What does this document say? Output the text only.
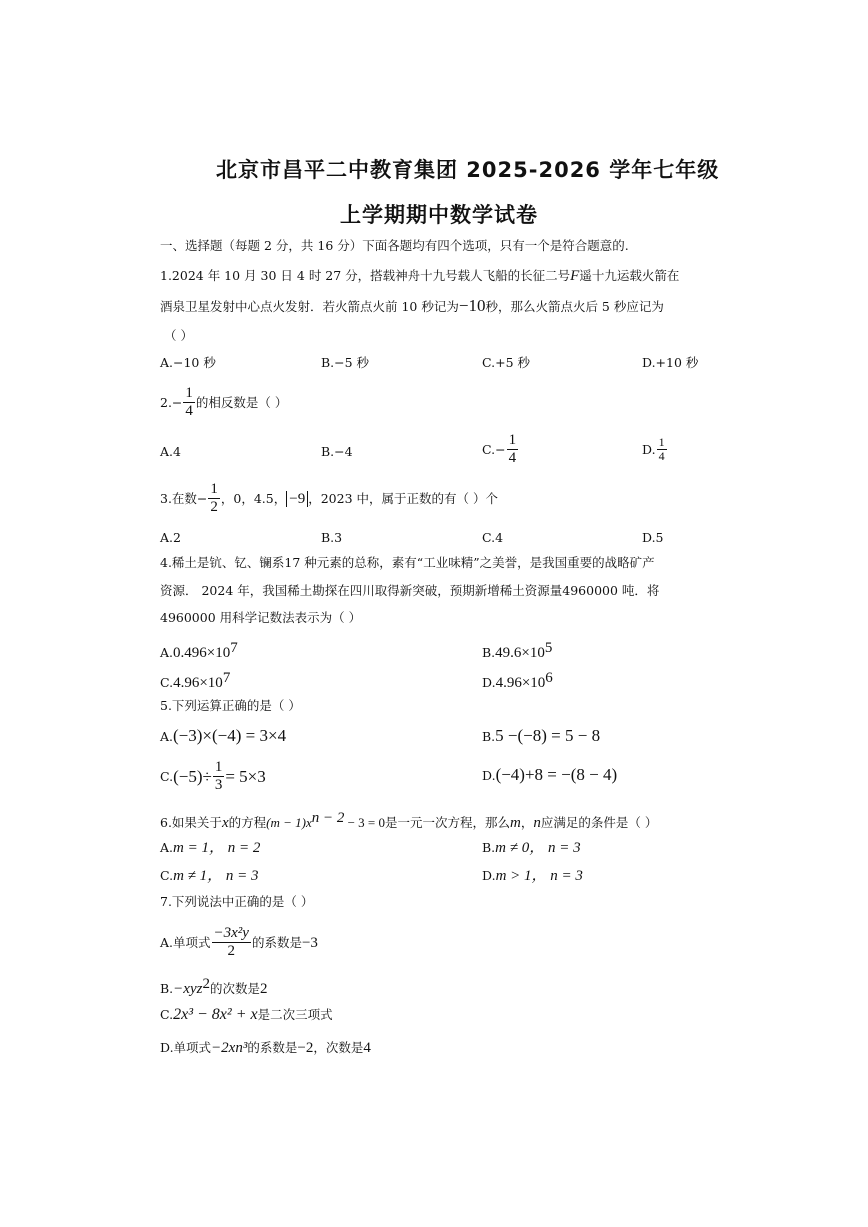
北京市昌平二中教育集团 2025-2026 学年七年级
上学期期中数学试卷
一、选择题（每题 2 分，共 16 分）下面各题均有四个选项，只有一个是符合题意的.
1.2024 年 10 月 30 日 4 时 27 分，搭载神舟十九号载人飞船的长征二号F遥十九运载火箭在
酒泉卫星发射中心点火发射．若火箭点火前 10 秒记为−10秒，那么火箭点火后 5 秒应记为
（ ）
A.−10 秒	B.−5 秒	C.+5 秒	D.+10 秒
$2.- \frac{1}{4}$ 的相反数是（ ）
A.4	B.−4	$C.- \frac{1}{4}$	D. $\frac{1}{4}$
3.在数− $\frac{1}{2}$ ，0，4.5， −9 ，2023 中，属于正数的有（ ）个
A.2	B.3	C.4	D.5
4.稀土是钪、钇、镧系17 种元素的总称，素有“工业味精”之美誉，是我国重要的战略矿产
资源． 2024 年，我国稀土勘探在四川取得新突破，预期新增稀土资源量4960000 吨．将
4960000 用科学记数法表示为（ ）
$A.0.496\times 10^7$	$B.49.6\times 10^5$
$C.4.96\times 10^7$	$D.4.96\times 10^6$
5.下列运算正确的是（ ）
A.(−3)×(−4) = 3×4	B.5 −(−8) = 5 − 8
C. $(-5)\div \frac{1}{3} = 5\times 3$	D.(−4)+8 = −(8 − 4)
6.如果关于x的方程$(m - 1)x^{n - 2} - 3 = 0$是一元一次方程，那么m，n应满足的条件是（ ）
A.m = 1， n = 2	B.m ≠ 0， n = 3
C.m ≠ 1， n = 3	D.m > 1， n = 3
7.下列说法中正确的是（ ）
A.单项式 $\frac{\text{−3x²y}}{2}$ 的系数是 −3
B.−xyz$^2$的次数是2
C.2x³ − 8x² + x是二次三项式
D.单项式−2xn³的系数是−2，次数是4
